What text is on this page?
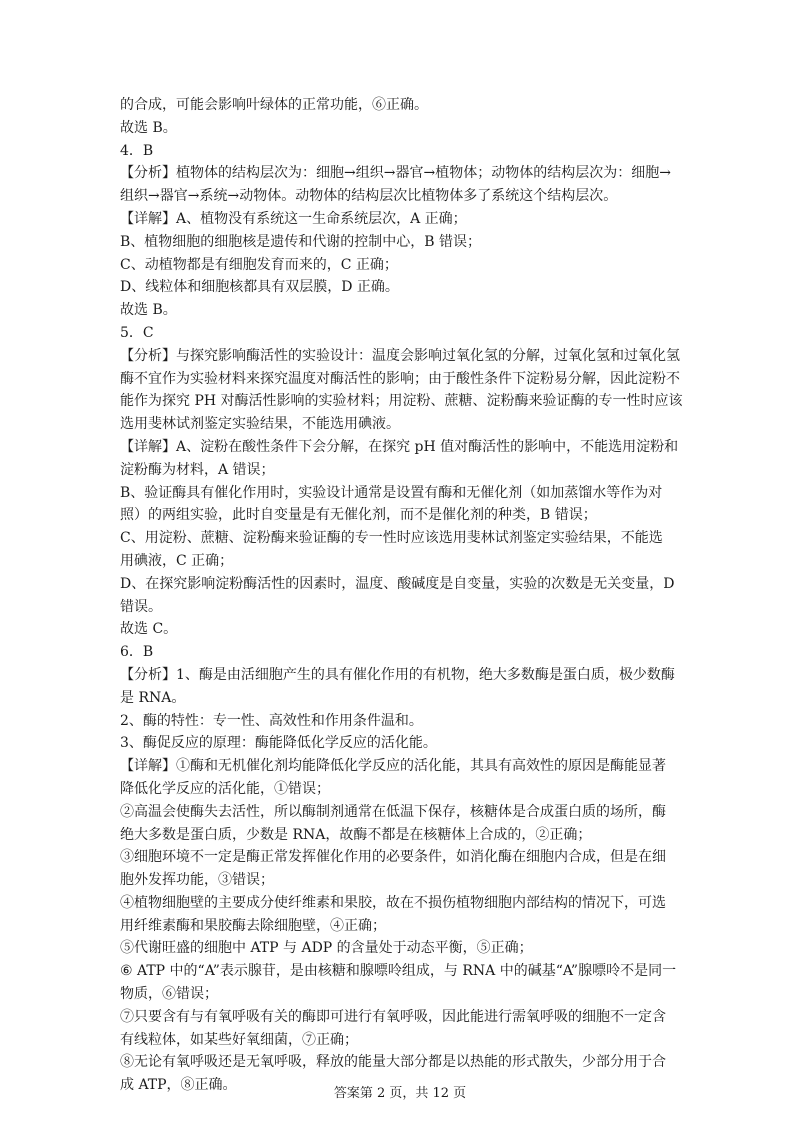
的合成，可能会影响叶绿体的正常功能，⑥正确。
故选 B。
4．B
【分析】植物体的结构层次为：细胞→组织→器官→植物体；动物体的结构层次为：细胞→
组织→器官→系统→动物体。动物体的结构层次比植物体多了系统这个结构层次。
【详解】A、植物没有系统这一生命系统层次，A 正确；
B、植物细胞的细胞核是遗传和代谢的控制中心，B 错误；
C、动植物都是有细胞发育而来的，C 正确；
D、线粒体和细胞核都具有双层膜，D 正确。
故选 B。
5．C
【分析】与探究影响酶活性的实验设计：温度会影响过氧化氢的分解，过氧化氢和过氧化氢
酶不宜作为实验材料来探究温度对酶活性的影响；由于酸性条件下淀粉易分解，因此淀粉不
能作为探究 PH 对酶活性影响的实验材料；用淀粉、蔗糖、淀粉酶来验证酶的专一性时应该
选用斐林试剂鉴定实验结果，不能选用碘液。
【详解】A、淀粉在酸性条件下会分解，在探究 pH 值对酶活性的影响中，不能选用淀粉和
淀粉酶为材料，A 错误；
B、验证酶具有催化作用时，实验设计通常是设置有酶和无催化剂（如加蒸馏水等作为对
照）的两组实验，此时自变量是有无催化剂，而不是催化剂的种类，B 错误；
C、用淀粉、蔗糖、淀粉酶来验证酶的专一性时应该选用斐林试剂鉴定实验结果，不能选
用碘液，C 正确；
D、在探究影响淀粉酶活性的因素时，温度、酸碱度是自变量，实验的次数是无关变量，D
错误。
故选 C。
6．B
【分析】1、酶是由活细胞产生的具有催化作用的有机物，绝大多数酶是蛋白质，极少数酶
是 RNA。
2、酶的特性：专一性、高效性和作用条件温和。
3、酶促反应的原理：酶能降低化学反应的活化能。
【详解】①酶和无机催化剂均能降低化学反应的活化能，其具有高效性的原因是酶能显著
降低化学反应的活化能，①错误；
②高温会使酶失去活性，所以酶制剂通常在低温下保存，核糖体是合成蛋白质的场所，酶
绝大多数是蛋白质，少数是 RNA，故酶不都是在核糖体上合成的，②正确；
③细胞环境不一定是酶正常发挥催化作用的必要条件，如消化酶在细胞内合成，但是在细
胞外发挥功能，③错误；
④植物细胞壁的主要成分使纤维素和果胶，故在不损伤植物细胞内部结构的情况下，可选
用纤维素酶和果胶酶去除细胞壁，④正确；
⑤代谢旺盛的细胞中 ATP 与 ADP 的含量处于动态平衡，⑤正确；
⑥ ATP 中的“A”表示腺苷，是由核糖和腺嘌呤组成，与 RNA 中的碱基“A”腺嘌呤不是同一
物质，⑥错误；
⑦只要含有与有氧呼吸有关的酶即可进行有氧呼吸，因此能进行需氧呼吸的细胞不一定含
有线粒体，如某些好氧细菌，⑦正确；
⑧无论有氧呼吸还是无氧呼吸，释放的能量大部分都是以热能的形式散失，少部分用于合
成 ATP，⑧正确。
答案第 2 页，共 12 页
